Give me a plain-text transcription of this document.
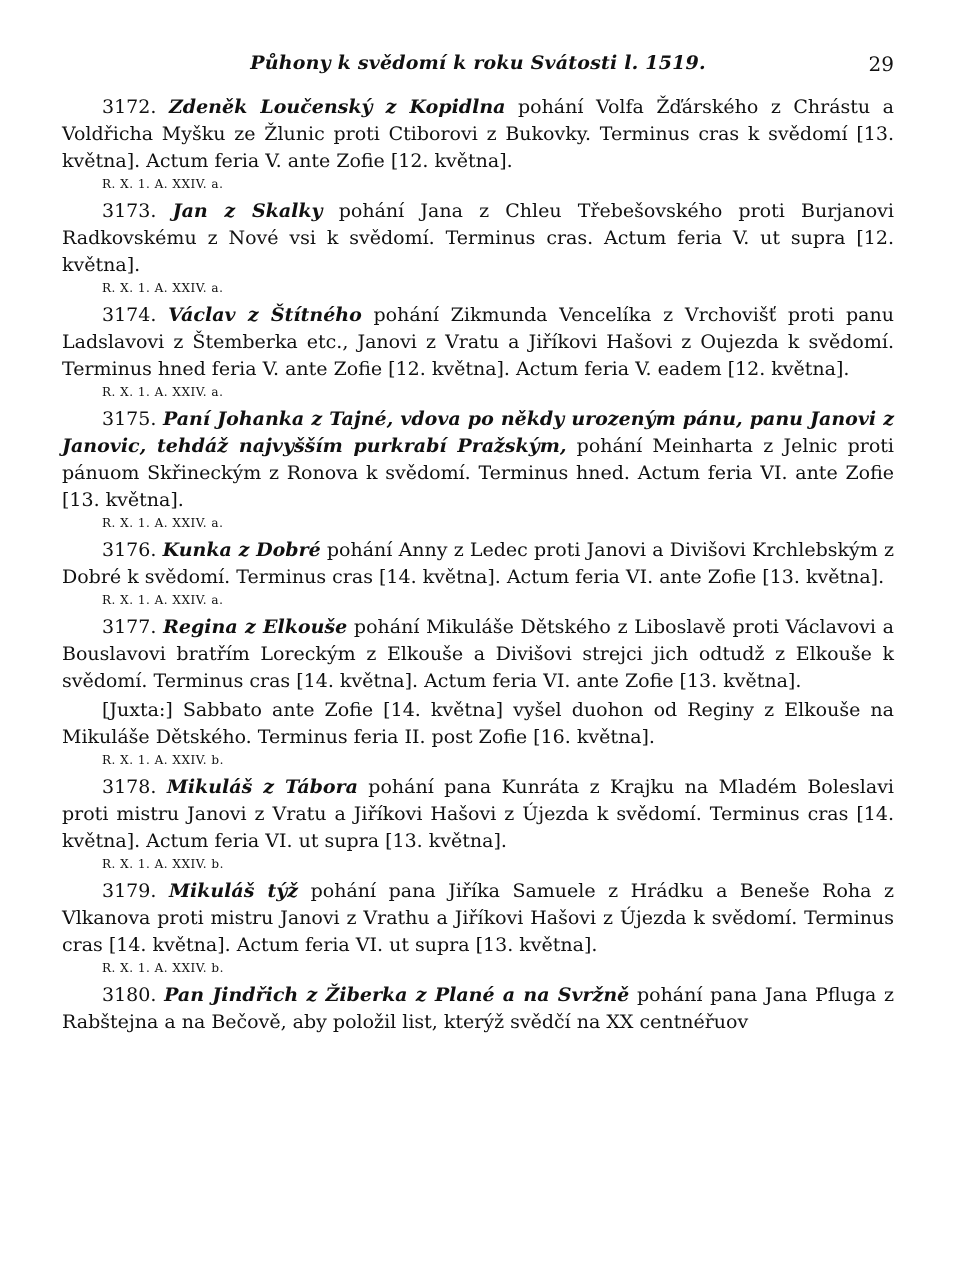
Půhony k svědomí k roku Svátosti l. 1519.	29

3172. Zdeněk Loučenský z Kopidlna pohání Volfa Žďárského z Chrástu a Voldřicha Myšku ze Žlunic proti Ctiborovi z Bukovky. Terminus cras k svědomí [13. května]. Actum feria V. ante Zofie [12. května].

R. X. 1. A. XXIV. a.

3173. Jan z Skalky pohání Jana z Chleu Třebešovského proti Burjanovi Radkovskému z Nové vsi k svědomí. Terminus cras. Actum feria V. ut supra [12. května].

R. X. 1. A. XXIV. a.

3174. Václav z Štítného pohání Zikmunda Vencelíka z Vrchovišť proti panu Ladslavovi z Štemberka etc., Janovi z Vratu a Jiříkovi Hašovi z Oujezda k svědomí. Terminus hned feria V. ante Zofie [12. května]. Actum feria V. eadem [12. května].

R. X. 1. A. XXIV. a.

3175. Paní Johanka z Tajné, vdova po někdy urozeným pánu, panu Janovi z Janovic, tehdáž najvyšším purkrabí Pražským, pohání Meinharta z Jelnic proti pánuom Skřineckým z Ronova k svědomí. Terminus hned. Actum feria VI. ante Zofie [13. května].

R. X. 1. A. XXIV. a.

3176. Kunka z Dobré pohání Anny z Ledec proti Janovi a Divišovi Krchlebským z Dobré k svědomí. Terminus cras [14. května]. Actum feria VI. ante Zofie [13. května].

R. X. 1. A. XXIV. a.

3177. Regina z Elkouše pohání Mikuláše Dětského z Liboslavě proti Václavovi a Bouslavovi bratřím Loreckým z Elkouše a Divišovi strejci jich odtudž z Elkouše k svědomí. Terminus cras [14. května]. Actum feria VI. ante Zofie [13. května].

[Juxta:] Sabbato ante Zofie [14. května] vyšel duohon od Reginy z Elkouše na Mikuláše Dětského. Terminus feria II. post Zofie [16. května].

R. X. 1. A. XXIV. b.

3178. Mikuláš z Tábora pohání pana Kunráta z Krajku na Mladém Boleslavi proti mistru Janovi z Vratu a Jiříkovi Hašovi z Újezda k svědomí. Terminus cras [14. května]. Actum feria VI. ut supra [13. května].

R. X. 1. A. XXIV. b.

3179. Mikuláš týž pohání pana Jiříka Samuele z Hrádku a Beneše Roha z Vlkanova proti mistru Janovi z Vrathu a Jiříkovi Hašovi z Újezda k svědomí. Terminus cras [14. května]. Actum feria VI. ut supra [13. května].

R. X. 1. A. XXIV. b.

3180. Pan Jindřich z Žiberka z Plané a na Svržně pohání pana Jana Pfluga z Rabštejna a na Bečově, aby položil list, kterýž svědčí na XX centnéřuov
